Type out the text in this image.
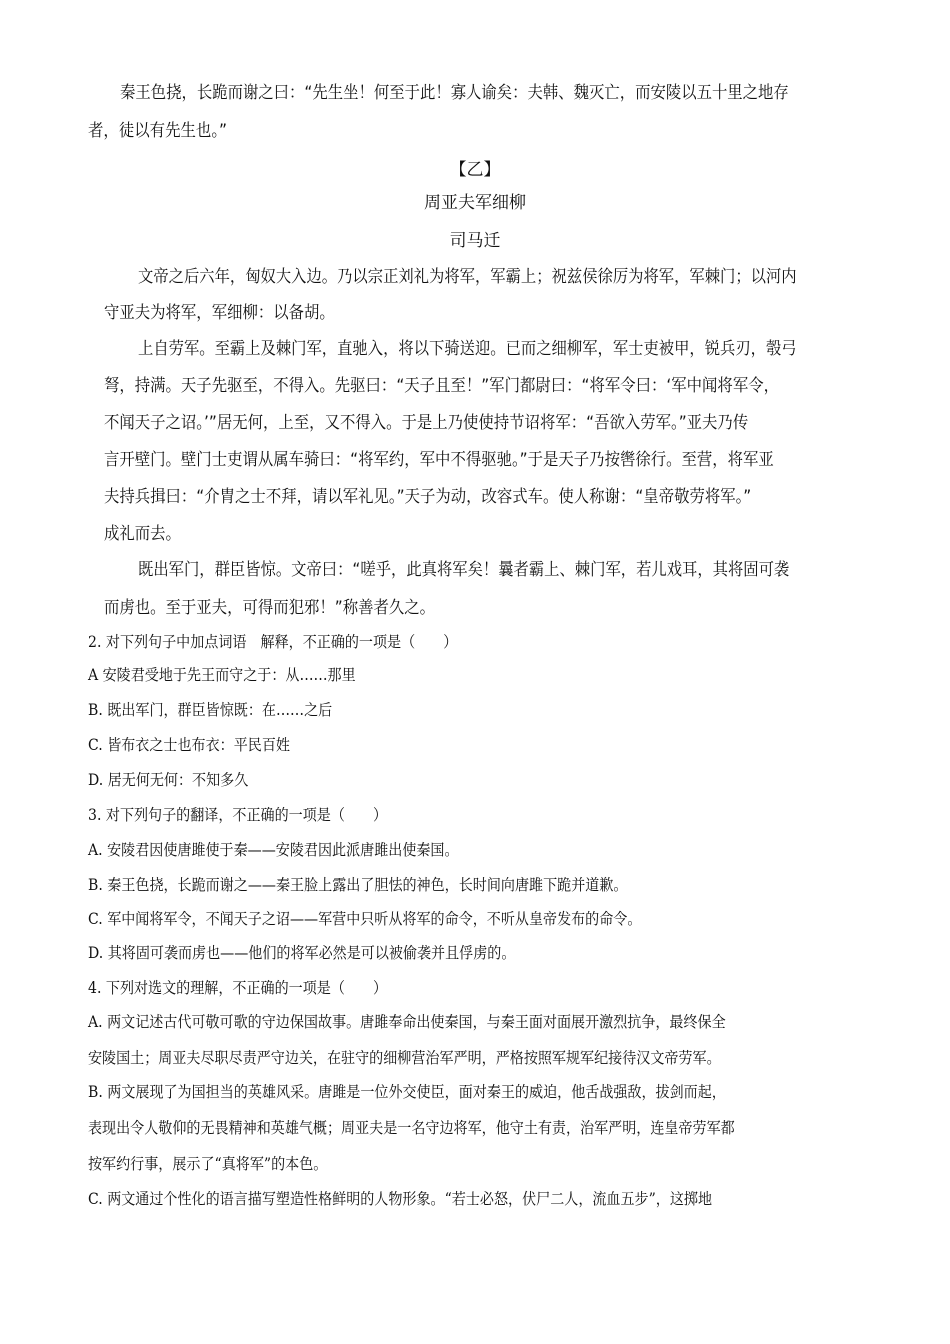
秦王色挠，长跪而谢之曰：“先生坐！何至于此！寡人谕矣：夫韩、魏灭亡，而安陵以五十里之地存

者，徒以有先生也。”

【乙】

周亚夫军细柳

司马迁

文帝之后六年，匈奴大入边。乃以宗正刘礼为将军，军霸上；祝兹侯徐厉为将军，军棘门；以河内

守亚夫为将军，军细柳：以备胡。

上自劳军。至霸上及棘门军，直驰入，将以下骑送迎。已而之细柳军，军士吏被甲，锐兵刃，彀弓

弩，持满。天子先驱至，不得入。先驱曰：“天子且至！”军门都尉曰：“将军令曰：‘军中闻将军令，

不闻天子之诏。’”居无何，上至，又不得入。于是上乃使使持节诏将军：“吾欲入劳军。”亚夫乃传

言开壁门。壁门士吏谓从属车骑曰：“将军约，军中不得驱驰。”于是天子乃按辔徐行。至营，将军亚

夫持兵揖曰：“介胄之士不拜，请以军礼见。”天子为动，改容式车。使人称谢：“皇帝敬劳将军。”

成礼而去。

既出军门，群臣皆惊。文帝曰：“嗟乎，此真将军矣！曩者霸上、棘门军，若儿戏耳，其将固可袭

而虏也。至于亚夫，可得而犯邪！”称善者久之。

2. 对下列句子中加点词语　解释，不正确的一项是（　　）

A 安陵君受地于先王而守之于：从……那里

B. 既出军门，群臣皆惊既：在……之后

C. 皆布衣之士也布衣：平民百姓

D. 居无何无何：不知多久

3. 对下列句子的翻译，不正确的一项是（　　）

A. 安陵君因使唐雎使于秦——安陵君因此派唐雎出使秦国。

B. 秦王色挠，长跪而谢之——秦王脸上露出了胆怯的神色，长时间向唐雎下跪并道歉。

C. 军中闻将军令，不闻天子之诏——军营中只听从将军的命令，不听从皇帝发布的命令。

D. 其将固可袭而虏也——他们的将军必然是可以被偷袭并且俘虏的。

4. 下列对选文的理解，不正确的一项是（　　）

A. 两文记述古代可敬可歌的守边保国故事。唐雎奉命出使秦国，与秦王面对面展开激烈抗争，最终保全

安陵国土；周亚夫尽职尽责严守边关，在驻守的细柳营治军严明，严格按照军规军纪接待汉文帝劳军。

B. 两文展现了为国担当的英雄风采。唐雎是一位外交使臣，面对秦王的威迫，他舌战强敌，拔剑而起，

表现出令人敬仰的无畏精神和英雄气概；周亚夫是一名守边将军，他守土有责，治军严明，连皇帝劳军都

按军约行事，展示了“真将军”的本色。

C. 两文通过个性化的语言描写塑造性格鲜明的人物形象。“若士必怒，伏尸二人，流血五步”，这掷地
